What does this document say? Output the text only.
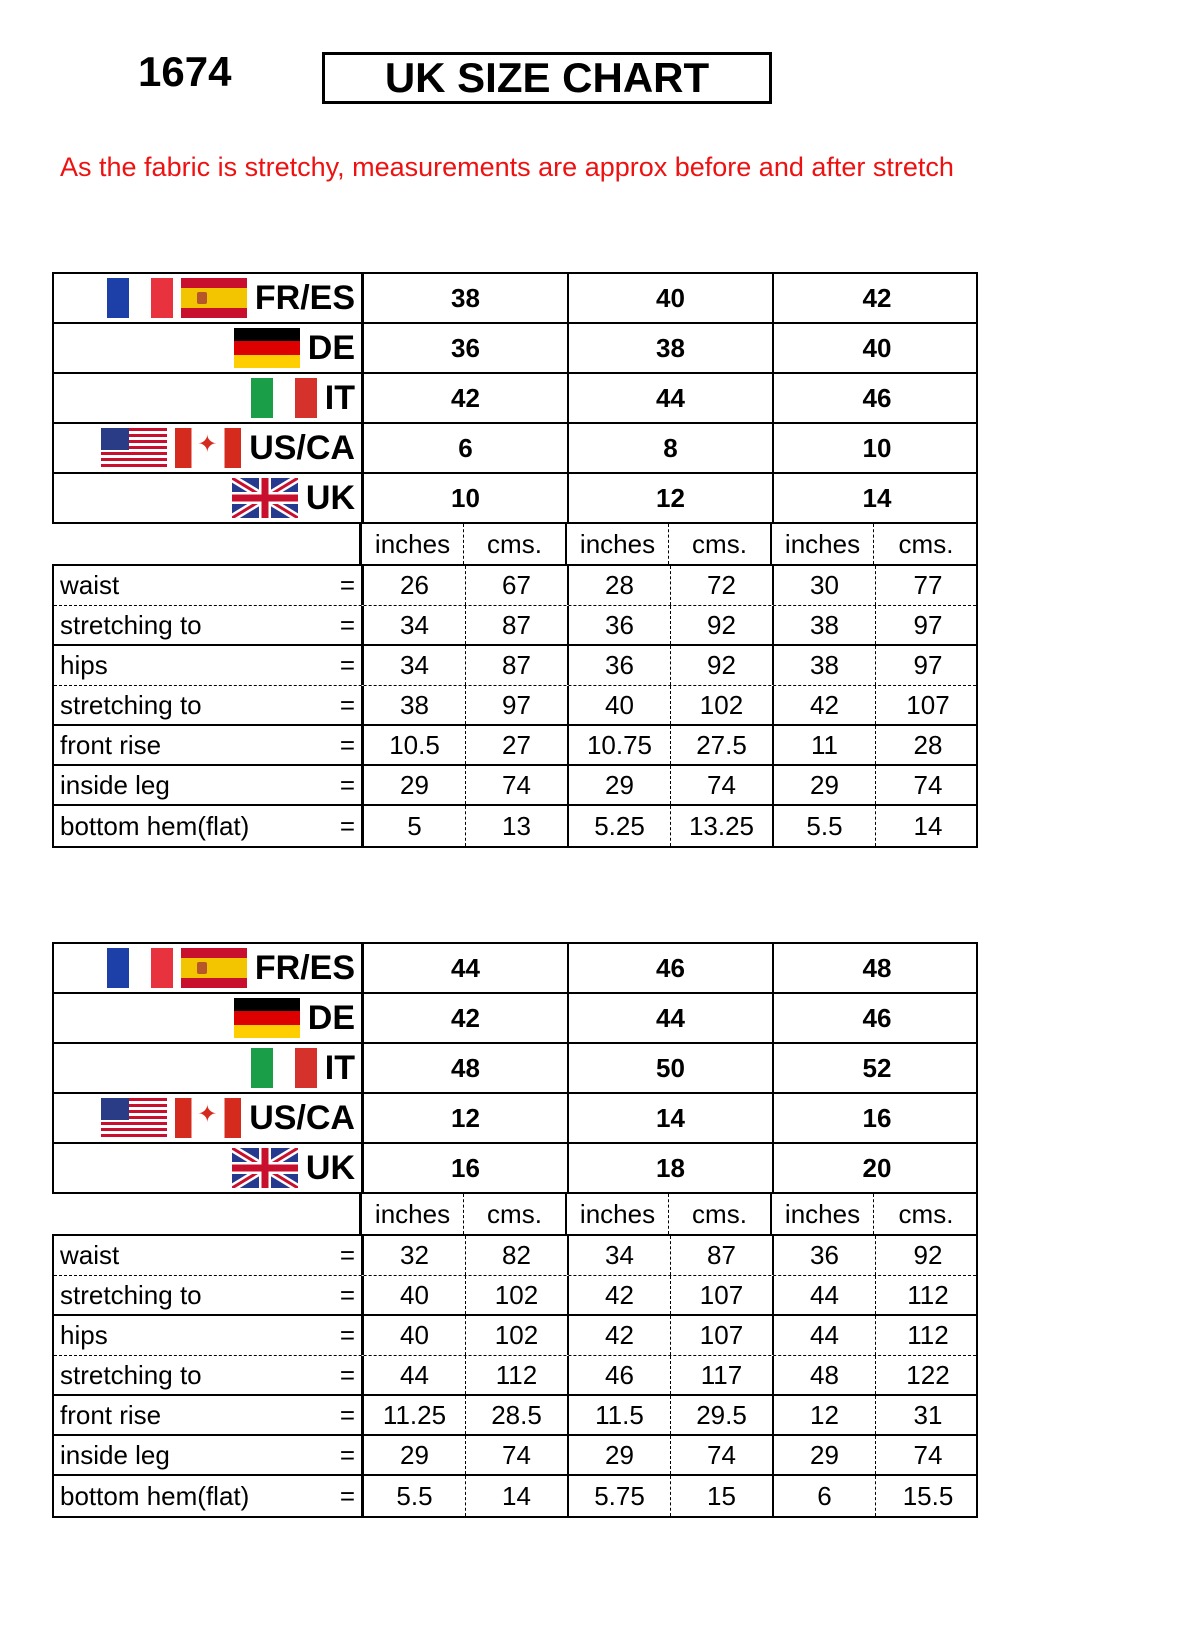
1674	UK SIZE CHART
As the fabric is stretchy, measurements are approx before and after stretch
FR/ES	38	40	42
DE	36	38	40
IT	42	44	46
✦
US/CA	6	8	10
UK	10	12	14
inches	cms.	inches	cms.	inches	cms.
waist	=	26	67	28	72	30	77
stretching to	=	34	87	36	92	38	97
hips	=	34	87	36	92	38	97
stretching to	=	38	97	40	102	42	107
front rise	=	10.5	27	10.75	27.5	11	28
inside leg	=	29	74	29	74	29	74
bottom hem(flat)	=	5	13	5.25	13.25	5.5	14
FR/ES	44	46	48
DE	42	44	46
IT	48	50	52
✦
US/CA	12	14	16
UK	16	18	20
inches	cms.	inches	cms.	inches	cms.
waist	=	32	82	34	87	36	92
stretching to	=	40	102	42	107	44	112
hips	=	40	102	42	107	44	112
stretching to	=	44	112	46	117	48	122
front rise	=	11.25	28.5	11.5	29.5	12	31
inside leg	=	29	74	29	74	29	74
bottom hem(flat)	=	5.5	14	5.75	15	6	15.5
